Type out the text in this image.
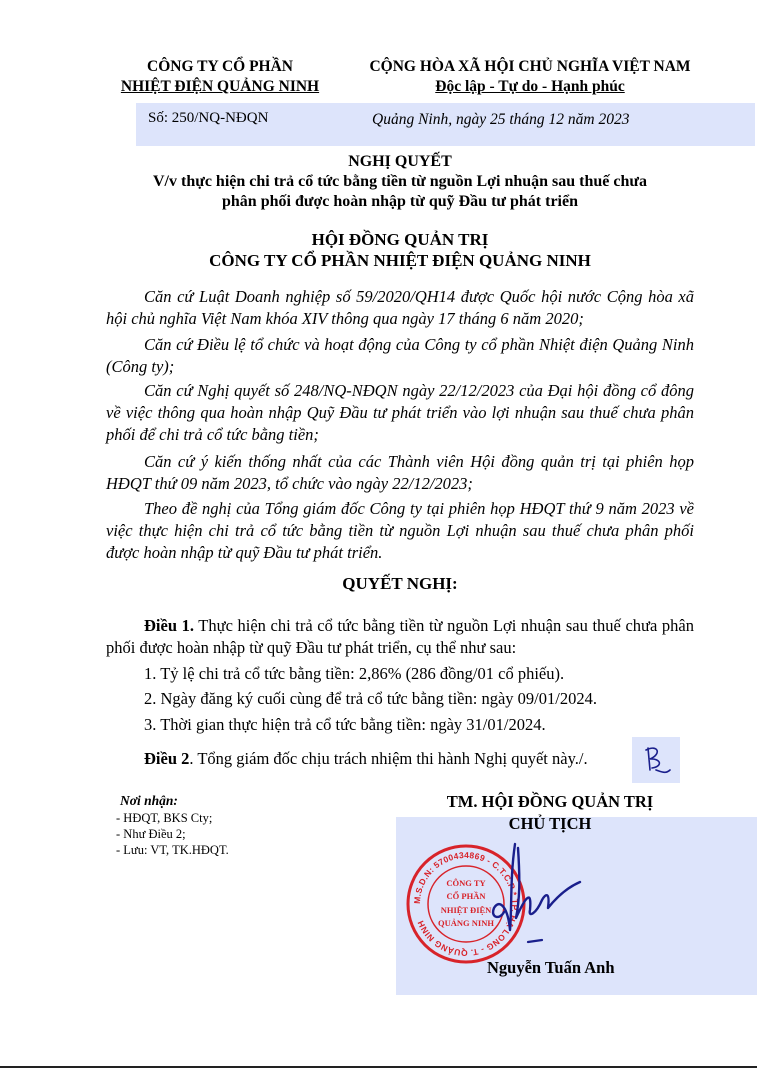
CÔNG TY CỔ PHẦN
NHIỆT ĐIỆN QUẢNG NINH
CỘNG HÒA XÃ HỘI CHỦ NGHĨA VIỆT NAM
Độc lập - Tự do - Hạnh phúc
Số: 250/NQ-NĐQN	Quảng Ninh, ngày 25 tháng 12 năm 2023
NGHỊ QUYẾT
V/v thực hiện chi trả cổ tức bằng tiền từ nguồn Lợi nhuận sau thuế chưa
phân phối được hoàn nhập từ quỹ Đầu tư phát triển
HỘI ĐỒNG QUẢN TRỊ
CÔNG TY CỔ PHẦN NHIỆT ĐIỆN QUẢNG NINH
Căn cứ Luật Doanh nghiệp số 59/2020/QH14 được Quốc hội nước Cộng hòa xã hội chủ nghĩa Việt Nam khóa XIV thông qua ngày 17 tháng 6 năm 2020;
Căn cứ Điều lệ tổ chức và hoạt động của Công ty cổ phần Nhiệt điện Quảng Ninh (Công ty);
Căn cứ Nghị quyết số 248/NQ-NĐQN ngày 22/12/2023 của Đại hội đồng cổ đông về việc thông qua hoàn nhập Quỹ Đầu tư phát triển vào lợi nhuận sau thuế chưa phân phối để chi trả cổ tức bằng tiền;
Căn cứ ý kiến thống nhất của các Thành viên Hội đồng quản trị tại phiên họp HĐQT thứ 09 năm 2023, tổ chức vào ngày 22/12/2023;
Theo đề nghị của Tổng giám đốc Công ty tại phiên họp HĐQT thứ 9 năm 2023 về việc thực hiện chi trả cổ tức bằng tiền từ nguồn Lợi nhuận sau thuế chưa phân phối được hoàn nhập từ quỹ Đầu tư phát triển.
QUYẾT NGHỊ:
Điều 1. Thực hiện chi trả cổ tức bằng tiền từ nguồn Lợi nhuận sau thuế chưa phân phối được hoàn nhập từ quỹ Đầu tư phát triển, cụ thể như sau:
1. Tỷ lệ chi trả cổ tức bằng tiền: 2,86% (286 đồng/01 cổ phiếu).
2. Ngày đăng ký cuối cùng để trả cổ tức bằng tiền: ngày 09/01/2024.
3. Thời gian thực hiện trả cổ tức bằng tiền: ngày 31/01/2024.
Điều 2. Tổng giám đốc chịu trách nhiệm thi hành Nghị quyết này./.
Nơi nhận:
- HĐQT, BKS Cty;
- Như Điều 2;
- Lưu: VT, TK.HĐQT.
TM. HỘI ĐỒNG QUẢN TRỊ
CHỦ TỊCH
M.S.D.N: 5700434869 - C.T.C.P * TP. HẠ LONG - T. QUẢNG NINH
CÔNG TY
CỔ PHẦN
NHIỆT ĐIỆN
QUẢNG NINH
Nguyễn Tuấn Anh
